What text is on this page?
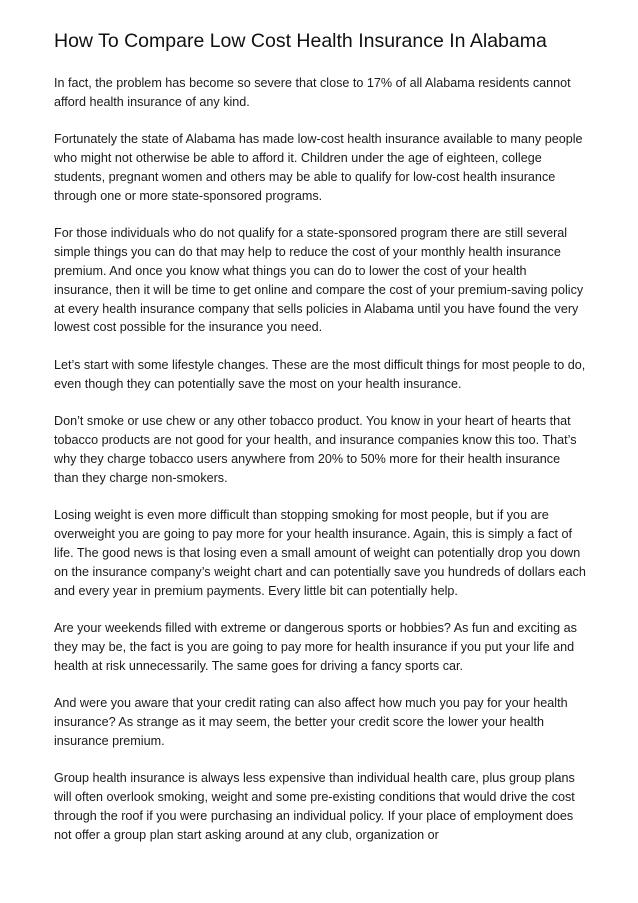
How To Compare Low Cost Health Insurance In Alabama

In fact, the problem has become so severe that close to 17% of all Alabama residents cannot afford health insurance of any kind.

Fortunately the state of Alabama has made low-cost health insurance available to many people who might not otherwise be able to afford it. Children under the age of eighteen, college students, pregnant women and others may be able to qualify for low-cost health insurance through one or more state-sponsored programs.

For those individuals who do not qualify for a state-sponsored program there are still several simple things you can do that may help to reduce the cost of your monthly health insurance premium. And once you know what things you can do to lower the cost of your health insurance, then it will be time to get online and compare the cost of your premium-saving policy at every health insurance company that sells policies in Alabama until you have found the very lowest cost possible for the insurance you need.

Let’s start with some lifestyle changes. These are the most difficult things for most people to do, even though they can potentially save the most on your health insurance.

Don’t smoke or use chew or any other tobacco product. You know in your heart of hearts that tobacco products are not good for your health, and insurance companies know this too. That’s why they charge tobacco users anywhere from 20% to 50% more for their health insurance than they charge non-smokers.

Losing weight is even more difficult than stopping smoking for most people, but if you are overweight you are going to pay more for your health insurance. Again, this is simply a fact of life. The good news is that losing even a small amount of weight can potentially drop you down on the insurance company’s weight chart and can potentially save you hundreds of dollars each and every year in premium payments. Every little bit can potentially help.

Are your weekends filled with extreme or dangerous sports or hobbies? As fun and exciting as they may be, the fact is you are going to pay more for health insurance if you put your life and health at risk unnecessarily. The same goes for driving a fancy sports car.

And were you aware that your credit rating can also affect how much you pay for your health insurance? As strange as it may seem, the better your credit score the lower your health insurance premium.

Group health insurance is always less expensive than individual health care, plus group plans will often overlook smoking, weight and some pre-existing conditions that would drive the cost through the roof if you were purchasing an individual policy. If your place of employment does not offer a group plan start asking around at any club, organization or
